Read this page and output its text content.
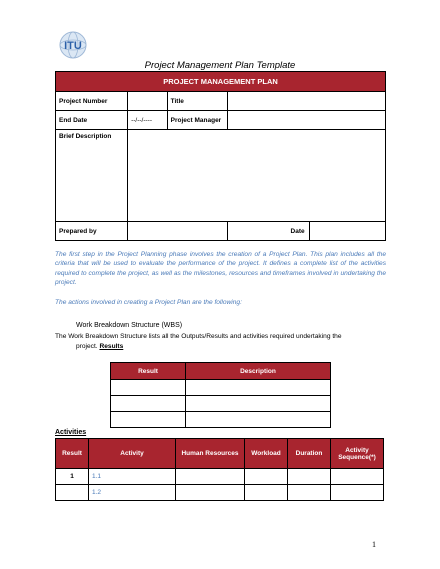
ITU
Project Management Plan Template
PROJECT MANAGEMENT PLAN				
Project Number		Title		
End Date	--/--/----	Project Manager		
Brief Description				
Prepared by			Date	
The first step in the Project Planning phase involves the creation of a Project Plan. This plan includes all the criteria that will be used to evaluate the performance of the project. It defines a complete list of the activities required to complete the project, as well as the milestones, resources and timeframes involved in undertaking the project.
The actions involved in creating a Project Plan are the following:
Work Breakdown Structure (WBS)
The Work Breakdown Structure lists all the Outputs/Results and activities required undertaking the
project. Results
Result	Description

Activities
Result	Activity	Human Resources	Workload	Duration	Activity Sequence(*)
1	1.1				
	1.2				
1
